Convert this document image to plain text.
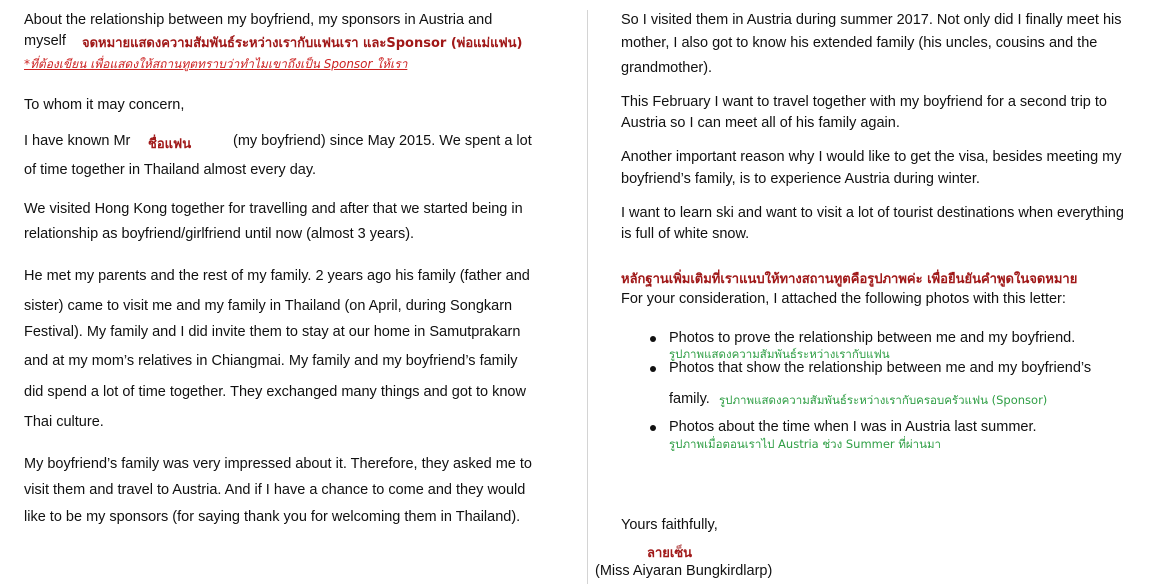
About the relationship between my boyfriend, my sponsors in Austria and
myself จดหมายแสดงความสัมพันธ์ระหว่างเรากับแฟนเรา และSponsor (พ่อแม่แฟน)
*ที่ต้องเขียน เพื่อแสดงให้สถานทูตทราบว่าทำไมเขาถึงเป็น Sponsor ให้เรา
To whom it may concern,
I have known Mr ชื่อแฟน	(my boyfriend) since May 2015. We spent a lot
of time together in Thailand almost every day.
We visited Hong Kong together for travelling and after that we started being in
relationship as boyfriend/girlfriend until now (almost 3 years).
He met my parents and the rest of my family. 2 years ago his family (father and
sister) came to visit me and my family in Thailand (on April, during Songkarn
Festival). My family and I did invite them to stay at our home in Samutprakarn
and at my mom’s relatives in Chiangmai. My family and my boyfriend’s family
did spend a lot of time together. They exchanged many things and got to know
Thai culture.
My boyfriend’s family was very impressed about it. Therefore, they asked me to
visit them and travel to Austria. And if I have a chance to come and they would
like to be my sponsors (for saying thank you for welcoming them in Thailand).
So I visited them in Austria during summer 2017. Not only did I finally meet his
mother, I also got to know his extended family (his uncles, cousins and the
grandmother).
This February I want to travel together with my boyfriend for a second trip to
Austria so I can meet all of his family again.
Another important reason why I would like to get the visa, besides meeting my
boyfriend’s family, is to experience Austria during winter.
I want to learn ski and want to visit a lot of tourist destinations when everything
is full of white snow.
หลักฐานเพิ่มเติมที่เราแนบให้ทางสถานทูตคือรูปภาพค่ะ เพื่อยืนยันคำพูดในจดหมาย
For your consideration, I attached the following photos with this letter:
Photos to prove the relationship between me and my boyfriend.
รูปภาพแสดงความสัมพันธ์ระหว่างเรากับแฟน
Photos that show the relationship between me and my boyfriend’s
family. รูปภาพแสดงความสัมพันธ์ระหว่างเรากับครอบครัวแฟน (Sponsor)
Photos about the time when I was in Austria last summer.
รูปภาพเมื่อตอนเราไป Austria ช่วง Summer ที่ผ่านมา
Yours faithfully,
ลายเซ็น
(Miss Aiyaran Bungkirdlarp)
